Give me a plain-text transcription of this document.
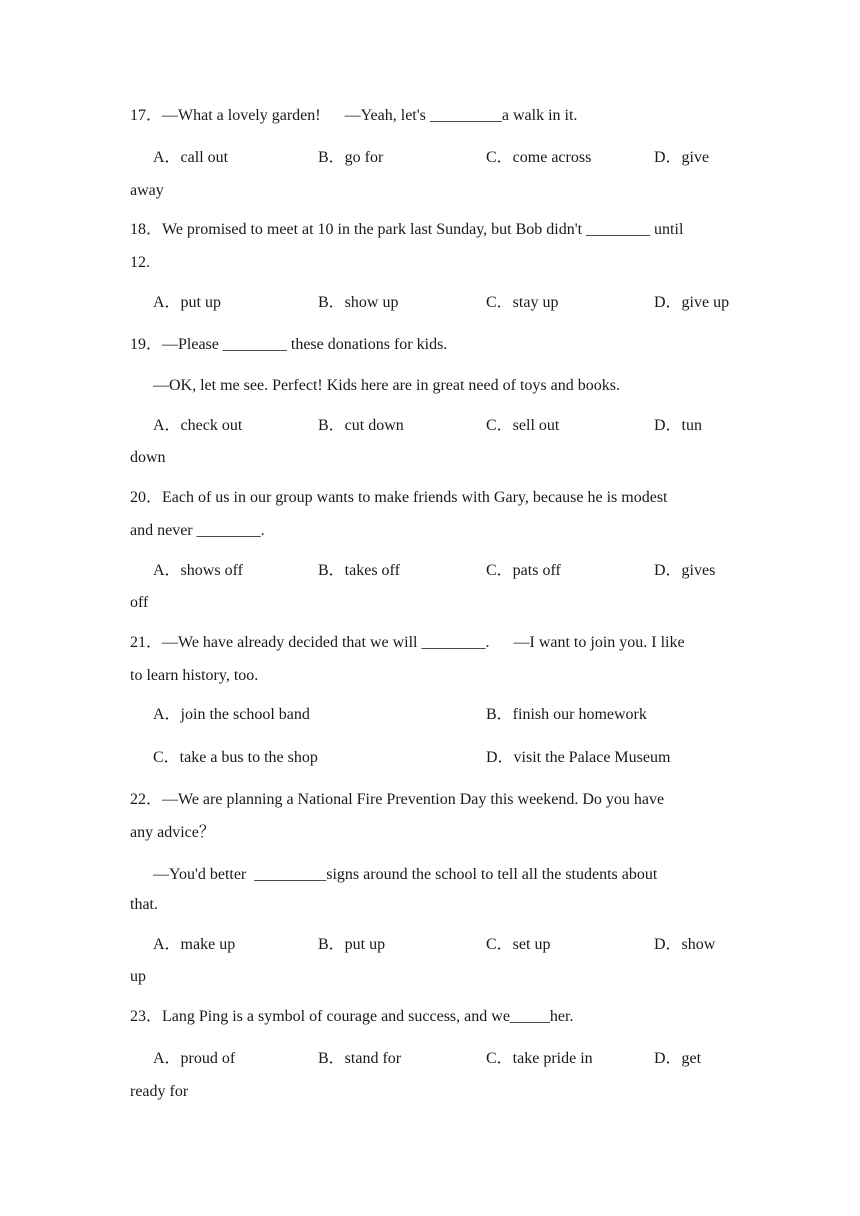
17．—What a lovely garden!      —Yeah, let's _________a walk in it.
A．call out	B．go for	C．come across	D．give
away
18．We promised to meet at 10 in the park last Sunday, but Bob didn't ________ until
12.
A．put up	B．show up	C．stay up	D．give up
19．—Please ________ these donations for kids.
—OK, let me see. Perfect! Kids here are in great need of toys and books.
A．check out	B．cut down	C．sell out	D．tun
down
20．Each of us in our group wants to make friends with Gary, because he is modest
and never ________.
A．shows off	B．takes off	C．pats off	D．gives
off
21．—We have already decided that we will ________.      —I want to join you. I like
to learn history, too.
A．join the school band	B．finish our homework
C．take a bus to the shop	D．visit the Palace Museum
22．—We are planning a National Fire Prevention Day this weekend. Do you have
any advice？
—You'd better  _________signs around the school to tell all the students about
that.
A．make up	B．put up	C．set up	D．show
up
23．Lang Ping is a symbol of courage and success, and we_____her.
A．proud of	B．stand for	C．take pride in	D．get
ready for
